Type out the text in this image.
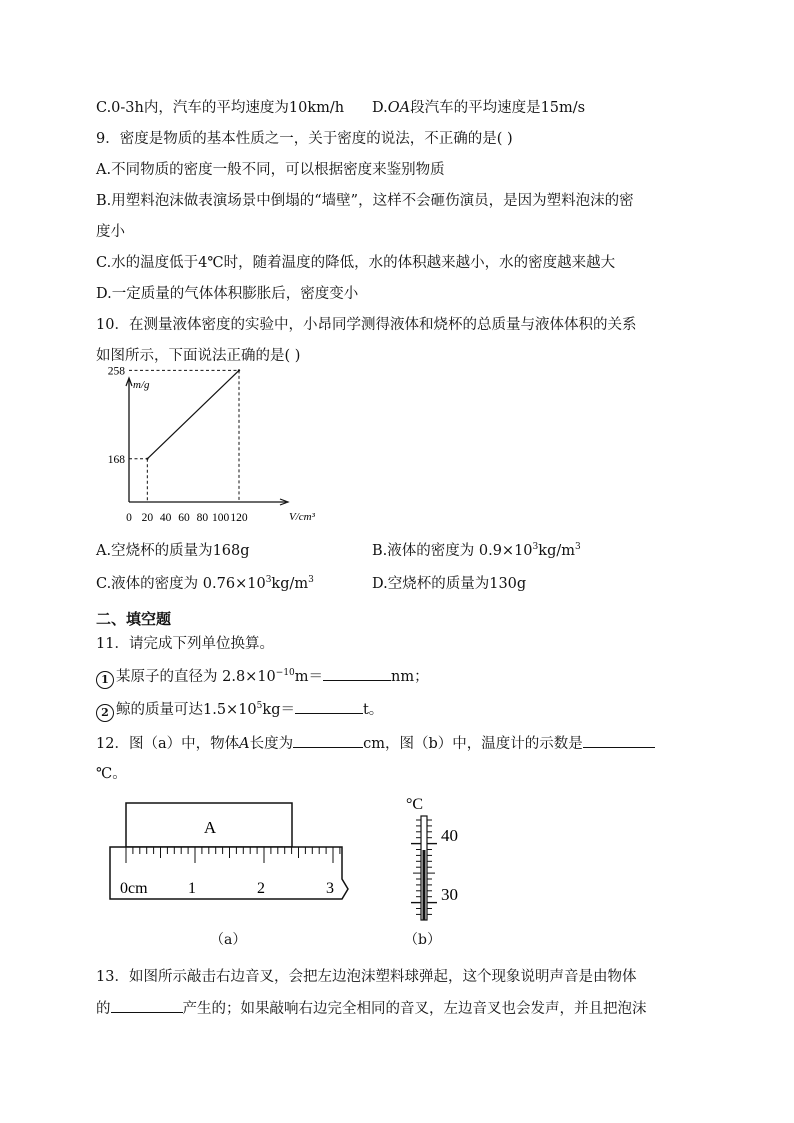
C.0-3h内，汽车的平均速度为10km/h D.OA段汽车的平均速度是15m/s
9．密度是物质的基本性质之一，关于密度的说法，不正确的是( )
A.不同物质的密度一般不同，可以根据密度来鉴别物质
B.用塑料泡沫做表演场景中倒塌的“墙壁”，这样不会砸伤演员，是因为塑料泡沫的密
度小
C.水的温度低于4℃时，随着温度的降低，水的体积越来越小，水的密度越来越大
D.一定质量的气体体积膨胀后，密度变小
10．在测量液体密度的实验中，小昂同学测得液体和烧杯的总质量与液体体积的关系
如图所示，下面说法正确的是( )
m/g
V/cm³
168
258
0 20 40 60 80 100 120
A.空烧杯的质量为168g	B.液体的密度为 $0.9\times 10^3kg/m^3$
C.液体的密度为 $0.76\times 10^3kg/m^3$	D.空烧杯的质量为130g
二、填空题
11．请完成下列单位换算。
1 某原子的直径为 $2.8\times 10^{-10}m=$	nm；
2 鲸的质量可达$1.5\times 10^5kg=$	t。
12．图（a）中，物体A长度为	cm，图（b）中，温度计的示数是
℃。
A
0cm	1	2	3
（a）
°C
40
30
（b）
13．如图所示敲击右边音叉，会把左边泡沫塑料球弹起，这个现象说明声音是由物体
的	产生的；如果敲响右边完全相同的音叉，左边音叉也会发声，并且把泡沫
